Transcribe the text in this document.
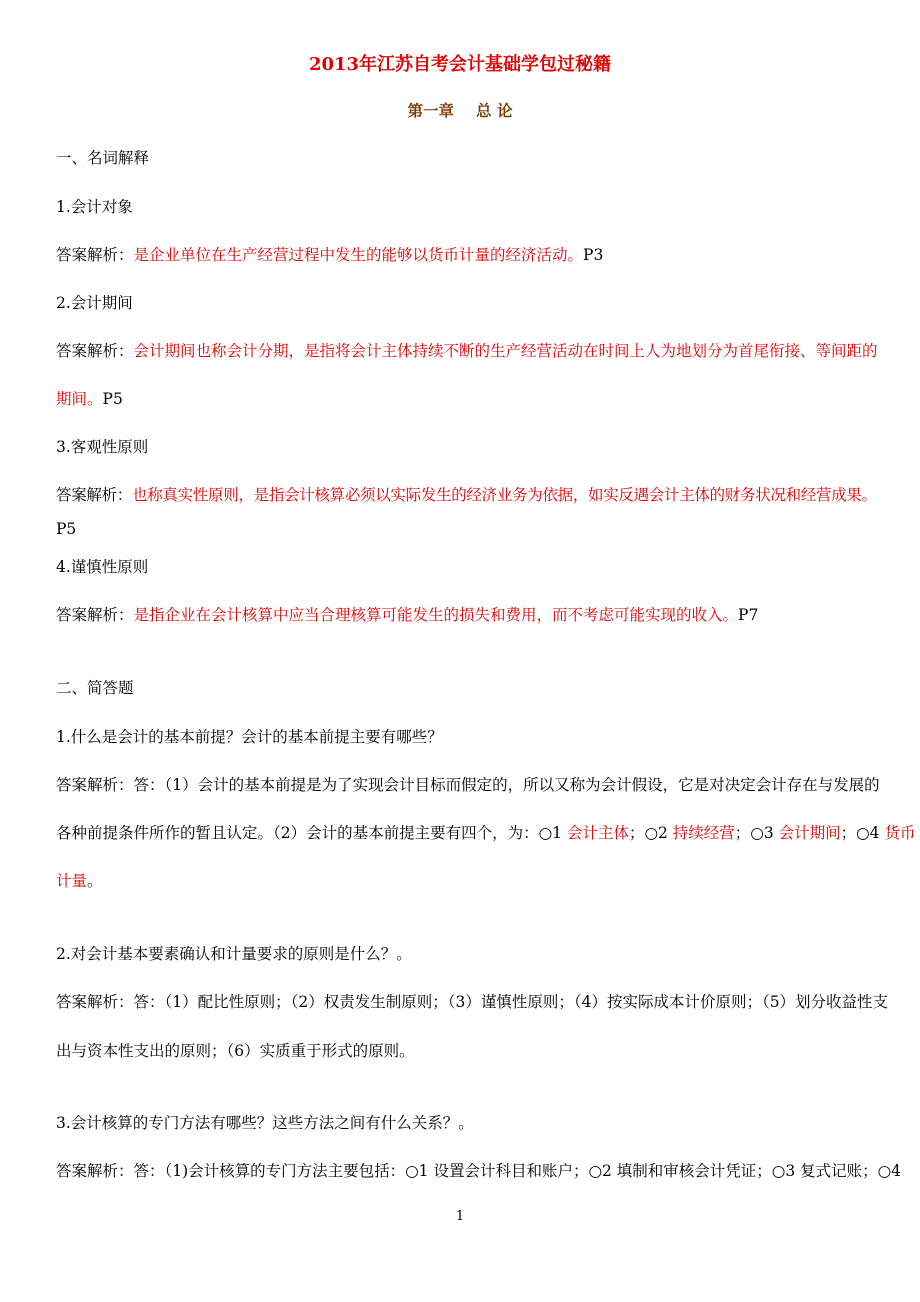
2013年江苏自考会计基础学包过秘籍
第一章 总 论
一、名词解释
1.会计对象
答案解析：是企业单位在生产经营过程中发生的能够以货币计量的经济活动。P3
2.会计期间
答案解析：会计期间也称会计分期，是指将会计主体持续不断的生产经营活动在时间上人为地划分为首尾衔接、等间距的
期间。P5
3.客观性原则
答案解析：也称真实性原则，是指会计核算必须以实际发生的经济业务为依据，如实反遇会计主体的财务状况和经营成果。
P5
4.谨慎性原则
答案解析：是指企业在会计核算中应当合理核算可能发生的损失和费用，而不考虑可能实现的收入。P7
二、简答题
1.什么是会计的基本前提？会计的基本前提主要有哪些？
答案解析：答：（1）会计的基本前提是为了实现会计目标而假定的，所以又称为会计假设，它是对决定会计存在与发展的
各种前提条件所作的暂且认定。（2）会计的基本前提主要有四个，为：○1 会计主体；○2 持续经营；○3 会计期间；○4 货币
计量。
2.对会计基本要素确认和计量要求的原则是什么？。
答案解析：答：（1）配比性原则；（2）权责发生制原则；（3）谨慎性原则；（4）按实际成本计价原则；（5）划分收益性支
出与资本性支出的原则；（6）实质重于形式的原则。
3.会计核算的专门方法有哪些？这些方法之间有什么关系？。
答案解析：答：（1)会计核算的专门方法主要包括：○1 设置会计科目和账户；○2 填制和审核会计凭证；○3 复式记账；○4
1
